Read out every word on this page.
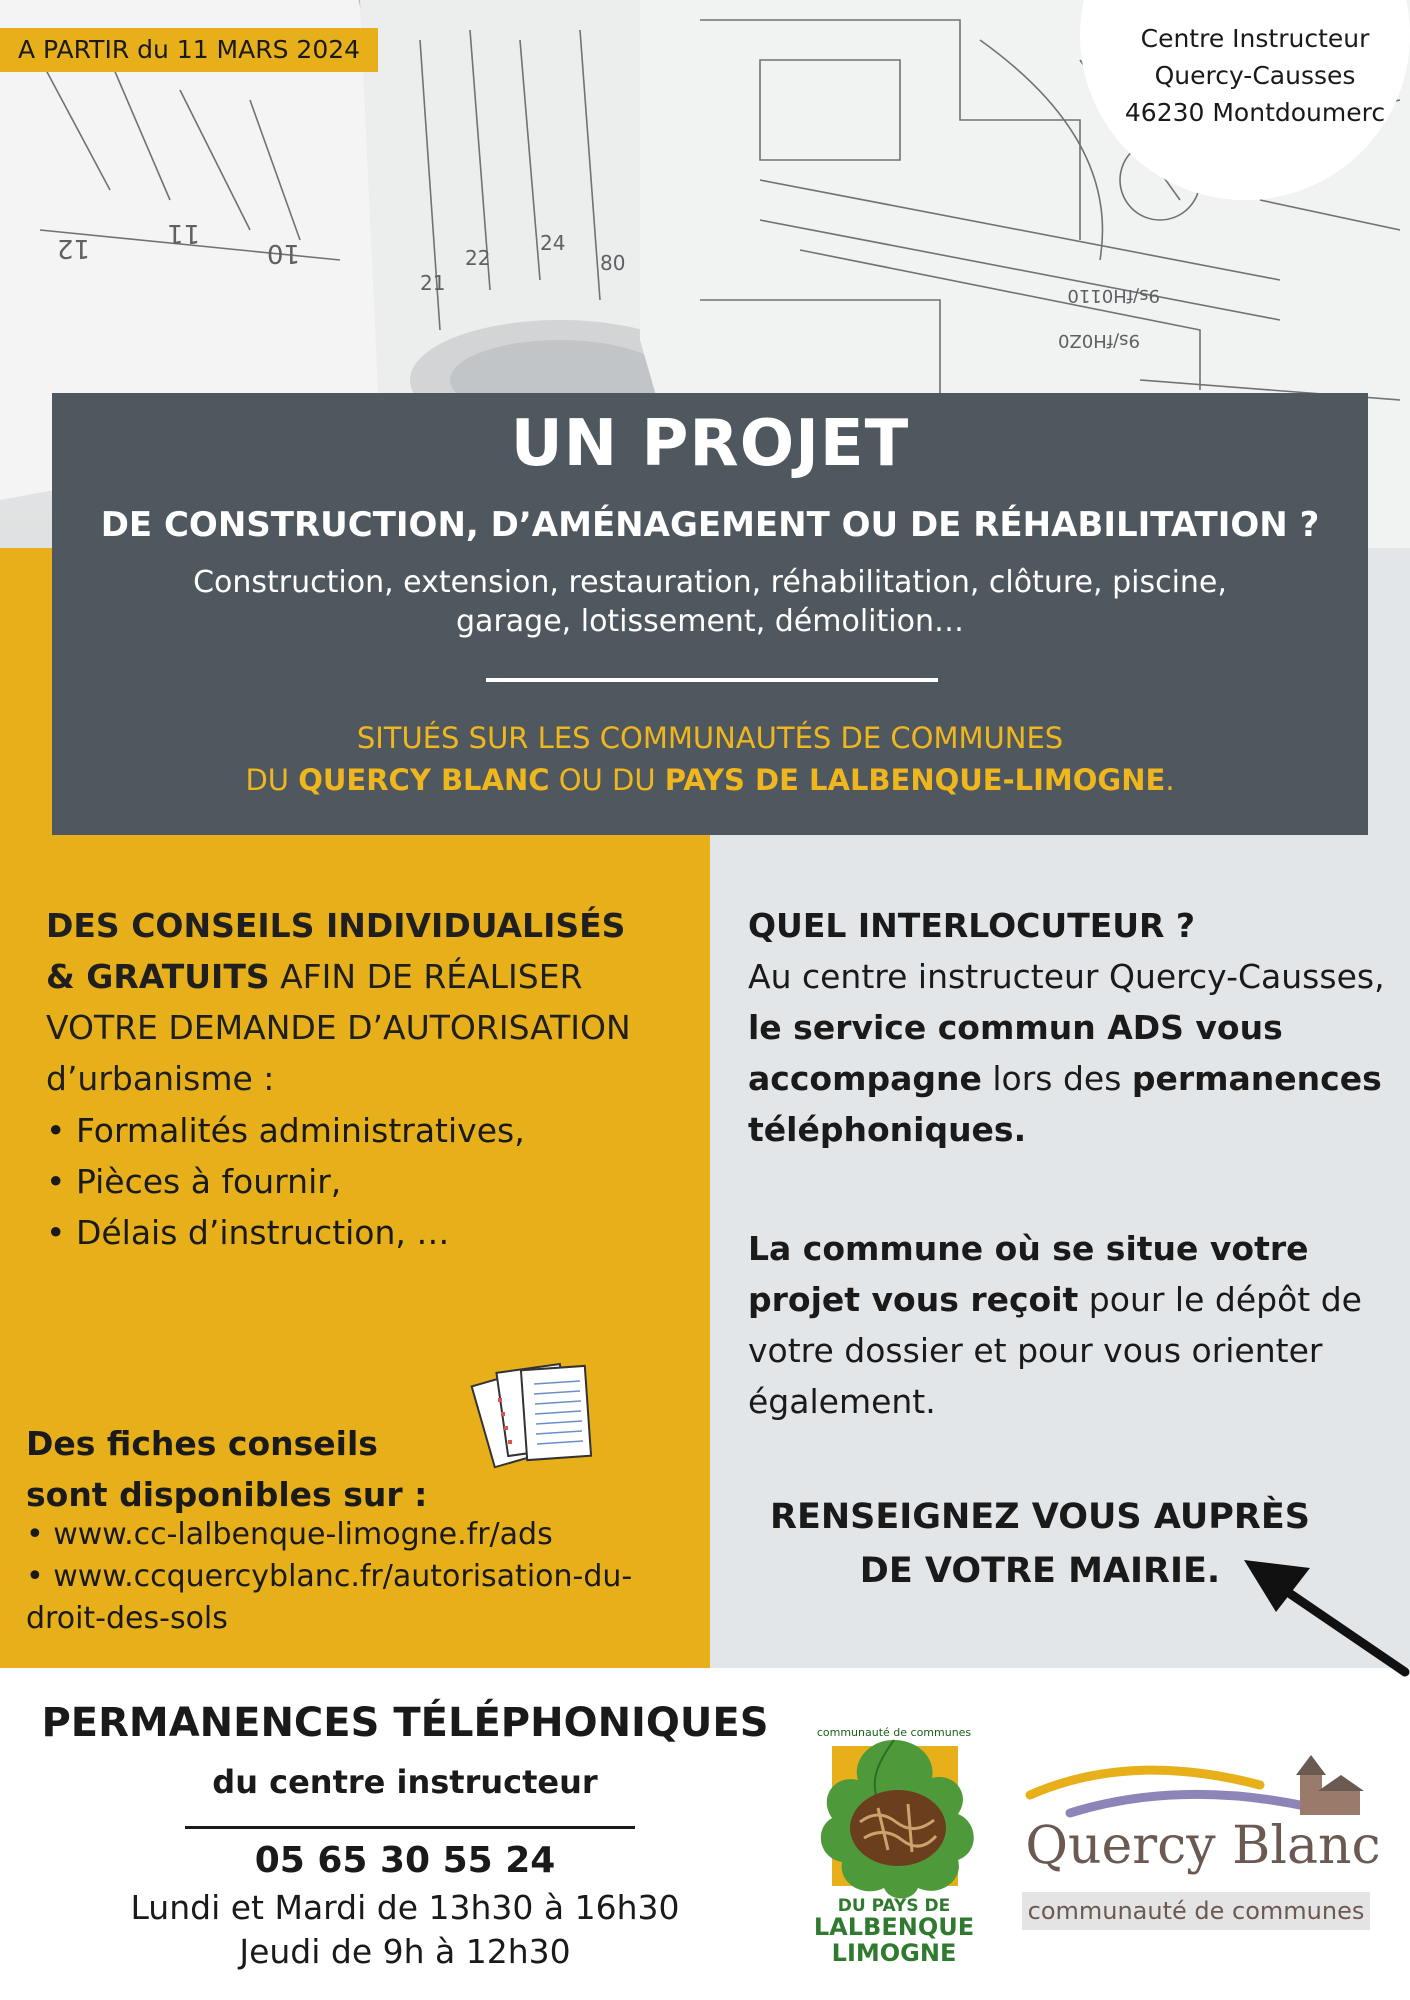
12	11
10
21
22
24
80
9s/fH0110
9s/fH0Z0
A PARTIR du 11 MARS 2024	Centre Instructeur
Quercy-Causses
46230 Montdoumerc
UN PROJET
DE CONSTRUCTION, D’AMÉNAGEMENT OU DE RÉHABILITATION ?
Construction, extension, restauration, réhabilitation, clôture, piscine,
garage, lotissement, démolition…
SITUÉS SUR LES COMMUNAUTÉS DE COMMUNES
DU QUERCY BLANC OU DU PAYS DE LALBENQUE-LIMOGNE.
DES CONSEILS INDIVIDUALISÉS
& GRATUITS AFIN DE RÉALISER
VOTRE DEMANDE D’AUTORISATION
d’urbanisme :
• Formalités administratives,
• Pièces à fournir,
• Délais d’instruction, …
Des fiches conseils
sont disponibles sur :
• www.cc-lalbenque-limogne.fr/ads
• www.ccquercyblanc.fr/autorisation-du-
droit-des-sols
QUEL INTERLOCUTEUR ?
Au centre instructeur Quercy-Causses,
le service commun ADS vous
accompagne lors des permanences
téléphoniques.
La commune où se situe votre
projet vous reçoit pour le dépôt de
votre dossier et pour vous orienter
également.
RENSEIGNEZ VOUS AUPRÈS
DE VOTRE MAIRIE.
PERMANENCES TÉLÉPHONIQUES
du centre instructeur
05 65 30 55 24
Lundi et Mardi de 13h30 à 16h30
Jeudi de 9h à 12h30
communauté de communes
DU PAYS DE
LALBENQUE
LIMOGNE
Quercy Blanc
communauté de communes
